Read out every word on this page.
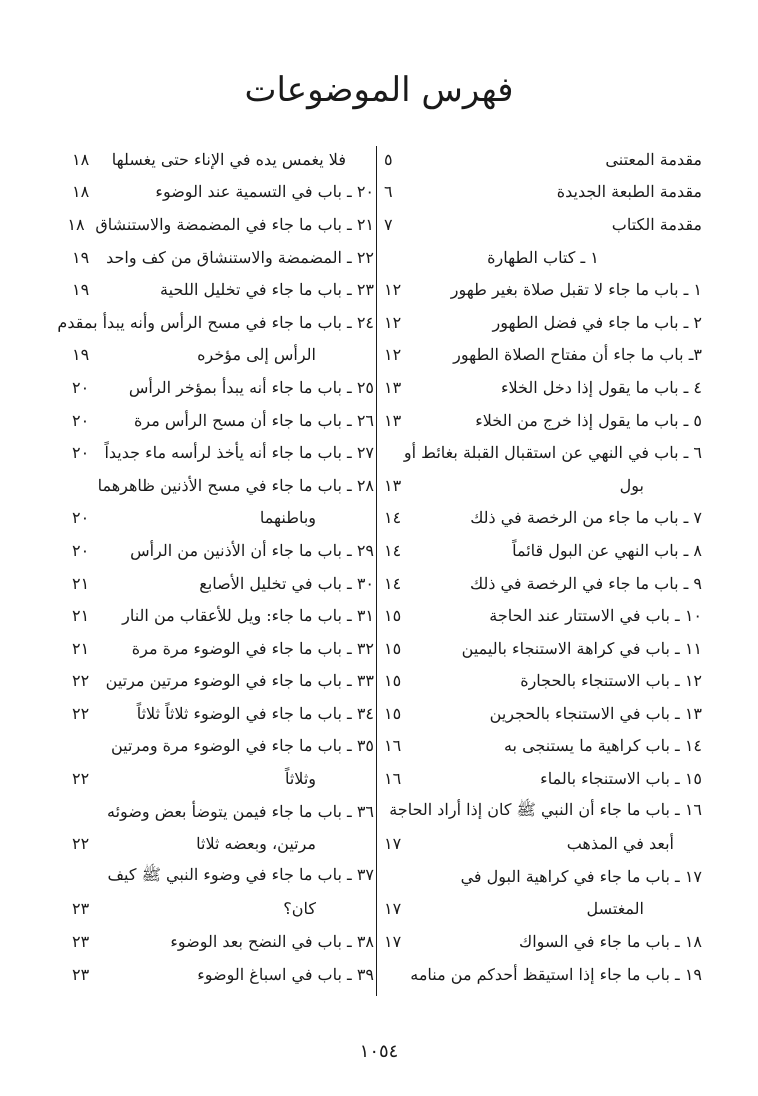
فهرس الموضوعات
مقدمة المعتنى
٥
مقدمة الطبعة الجديدة
٦
مقدمة الكتاب
٧
١ ـ كتاب الطهارة
١ ـ باب ما جاء لا تقبل صلاة بغير طهور
١٢
٢ ـ باب ما جاء في فضل الطهور
١٢
٣ـ باب ما جاء أن مفتاح الصلاة الطهور
١٢
٤ ـ باب ما يقول إذا دخل الخلاء
١٣
٥ ـ باب ما يقول إذا خرج من الخلاء
١٣
٦ ـ باب في النهي عن استقبال القبلة بغائط أو
بول
١٣
٧ ـ باب ما جاء من الرخصة في ذلك
١٤
٨ ـ باب النهي عن البول قائماً
١٤
٩ ـ باب ما جاء في الرخصة في ذلك
١٤
١٠ ـ باب في الاستتار عند الحاجة
١٥
١١ ـ باب في كراهة الاستنجاء باليمين
١٥
١٢ ـ باب الاستنجاء بالحجارة
١٥
١٣ ـ باب في الاستنجاء بالحجرين
١٥
١٤ ـ باب كراهية ما يستنجى به
١٦
١٥ ـ باب الاستنجاء بالماء
١٦
١٦ ـ باب ما جاء أن النبي ﷺ كان إذا أراد الحاجة
أبعد في المذهب
١٧
١٧ ـ باب ما جاء في كراهية البول في
المغتسل
١٧
١٨ ـ باب ما جاء في السواك
١٧
١٩ ـ باب ما جاء إذا استيقظ أحدكم من منامه
فلا يغمس يده في الإناء حتى يغسلها
١٨
٢٠ ـ باب في التسمية عند الوضوء
١٨
٢١ ـ باب ما جاء في المضمضة والاستنشاق
١٨
٢٢ ـ المضمضة والاستنشاق من كف واحد
١٩
٢٣ ـ باب ما جاء في تخليل اللحية
١٩
٢٤ ـ باب ما جاء في مسح الرأس وأنه يبدأ بمقدم
الرأس إلى مؤخره
١٩
٢٥ ـ باب ما جاء أنه يبدأ بمؤخر الرأس
٢٠
٢٦ ـ باب ما جاء أن مسح الرأس مرة
٢٠
٢٧ ـ باب ما جاء أنه يأخذ لرأسه ماء جديداً
٢٠
٢٨ ـ باب ما جاء في مسح الأذنين ظاهرهما
وباطنهما
٢٠
٢٩ ـ باب ما جاء أن الأذنين من الرأس
٢٠
٣٠ ـ باب في تخليل الأصابع
٢١
٣١ ـ باب ما جاء: ويل للأعقاب من النار
٢١
٣٢ ـ باب ما جاء في الوضوء مرة مرة
٢١
٣٣ ـ باب ما جاء في الوضوء مرتين مرتين
٢٢
٣٤ ـ باب ما جاء في الوضوء ثلاثاً ثلاثاً
٢٢
٣٥ ـ باب ما جاء في الوضوء مرة ومرتين
وثلاثاً
٢٢
٣٦ ـ باب ما جاء فيمن يتوضأ بعض وضوئه
مرتين، وبعضه ثلاثا
٢٢
٣٧ ـ باب ما جاء في وضوء النبي ﷺ كيف
كان؟
٢٣
٣٨ ـ باب في النضح بعد الوضوء
٢٣
٣٩ ـ باب في اسباغ الوضوء
٢٣
١٠٥٤
